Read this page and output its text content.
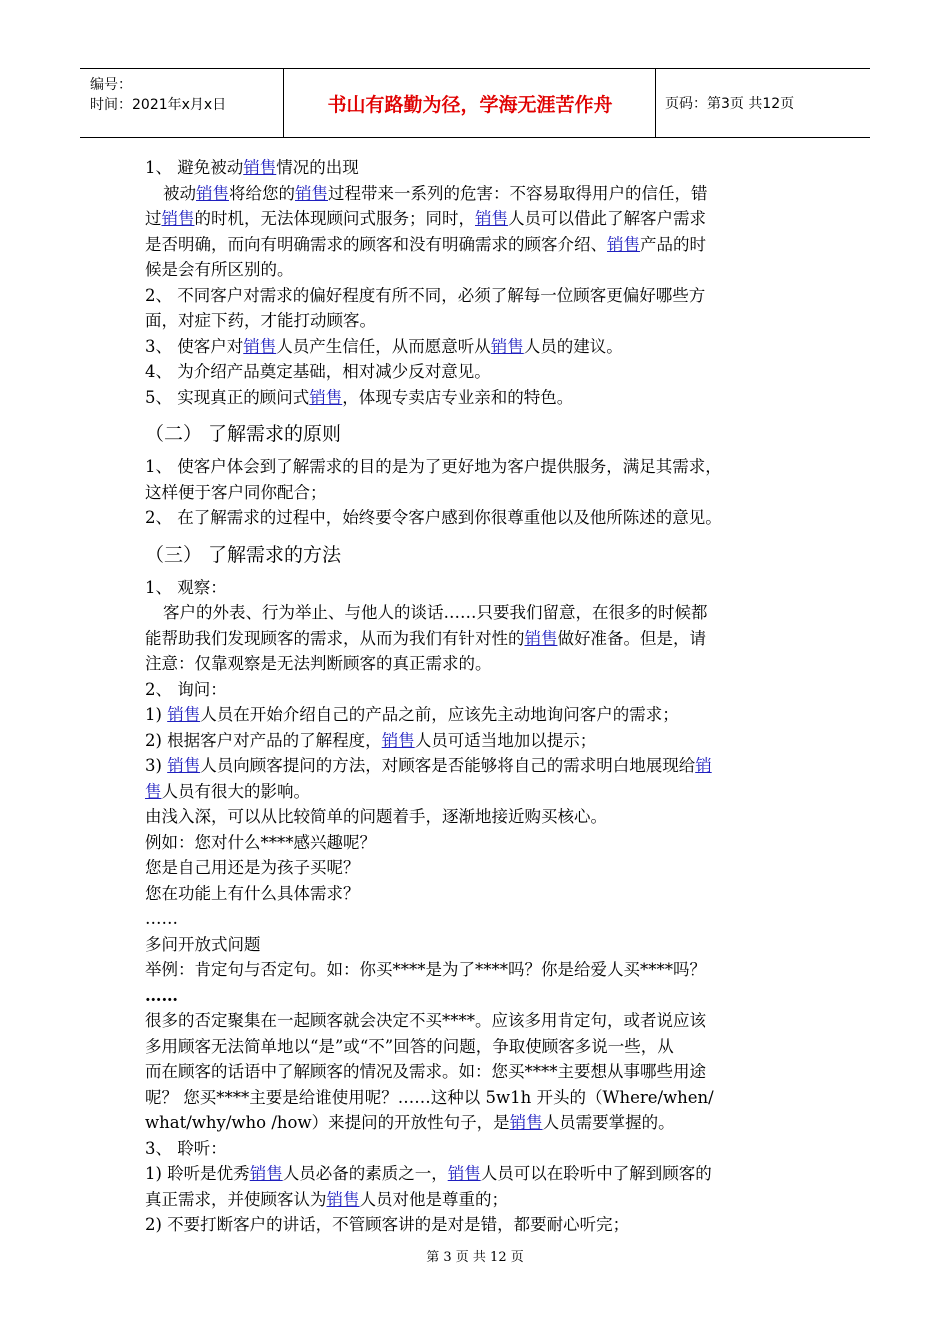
编号：
时间：2021年x月x日	书山有路勤为径，学海无涯苦作舟	页码：第3页 共12页

1、 避免被动销售情况的出现

被动销售将给您的销售过程带来一系列的危害：不容易取得用户的信任，错

过销售的时机，无法体现顾问式服务；同时，销售人员可以借此了解客户需求

是否明确，而向有明确需求的顾客和没有明确需求的顾客介绍、销售产品的时

候是会有所区别的。

2、 不同客户对需求的偏好程度有所不同，必须了解每一位顾客更偏好哪些方

面，对症下药，才能打动顾客。

3、 使客户对销售人员产生信任，从而愿意听从销售人员的建议。

4、 为介绍产品奠定基础，相对减少反对意见。

5、 实现真正的顾问式销售，体现专卖店专业亲和的特色。

（二） 了解需求的原则

1、 使客户体会到了解需求的目的是为了更好地为客户提供服务，满足其需求，

这样便于客户同你配合；

2、 在了解需求的过程中，始终要令客户感到你很尊重他以及他所陈述的意见。

（三） 了解需求的方法

1、 观察：

客户的外表、行为举止、与他人的谈话……只要我们留意，在很多的时候都

能帮助我们发现顾客的需求，从而为我们有针对性的销售做好准备。但是，请

注意：仅靠观察是无法判断顾客的真正需求的。

2、 询问：

1) 销售人员在开始介绍自己的产品之前，应该先主动地询问客户的需求；

2) 根据客户对产品的了解程度，销售人员可适当地加以提示；

3) 销售人员向顾客提问的方法，对顾客是否能够将自己的需求明白地展现给销

售人员有很大的影响。

由浅入深，可以从比较简单的问题着手，逐渐地接近购买核心。

例如：您对什么****感兴趣呢？

您是自己用还是为孩子买呢？

您在功能上有什么具体需求？

……

多问开放式问题

举例：肯定句与否定句。如：你买****是为了****吗？你是给爱人买****吗？

……

很多的否定聚集在一起顾客就会决定不买****。应该多用肯定句，或者说应该

多用顾客无法简单地以“是”或“不”回答的问题，争取使顾客多说一些，从

而在顾客的话语中了解顾客的情况及需求。如：您买****主要想从事哪些用途

呢？ 您买****主要是给谁使用呢？……这种以 5w1h 开头的（Where/when/

what/why/who /how）来提问的开放性句子，是销售人员需要掌握的。

3、 聆听：

1) 聆听是优秀销售人员必备的素质之一，销售人员可以在聆听中了解到顾客的

真正需求，并使顾客认为销售人员对他是尊重的；

2) 不要打断客户的讲话，不管顾客讲的是对是错，都要耐心听完；

第 3 页 共 12 页
